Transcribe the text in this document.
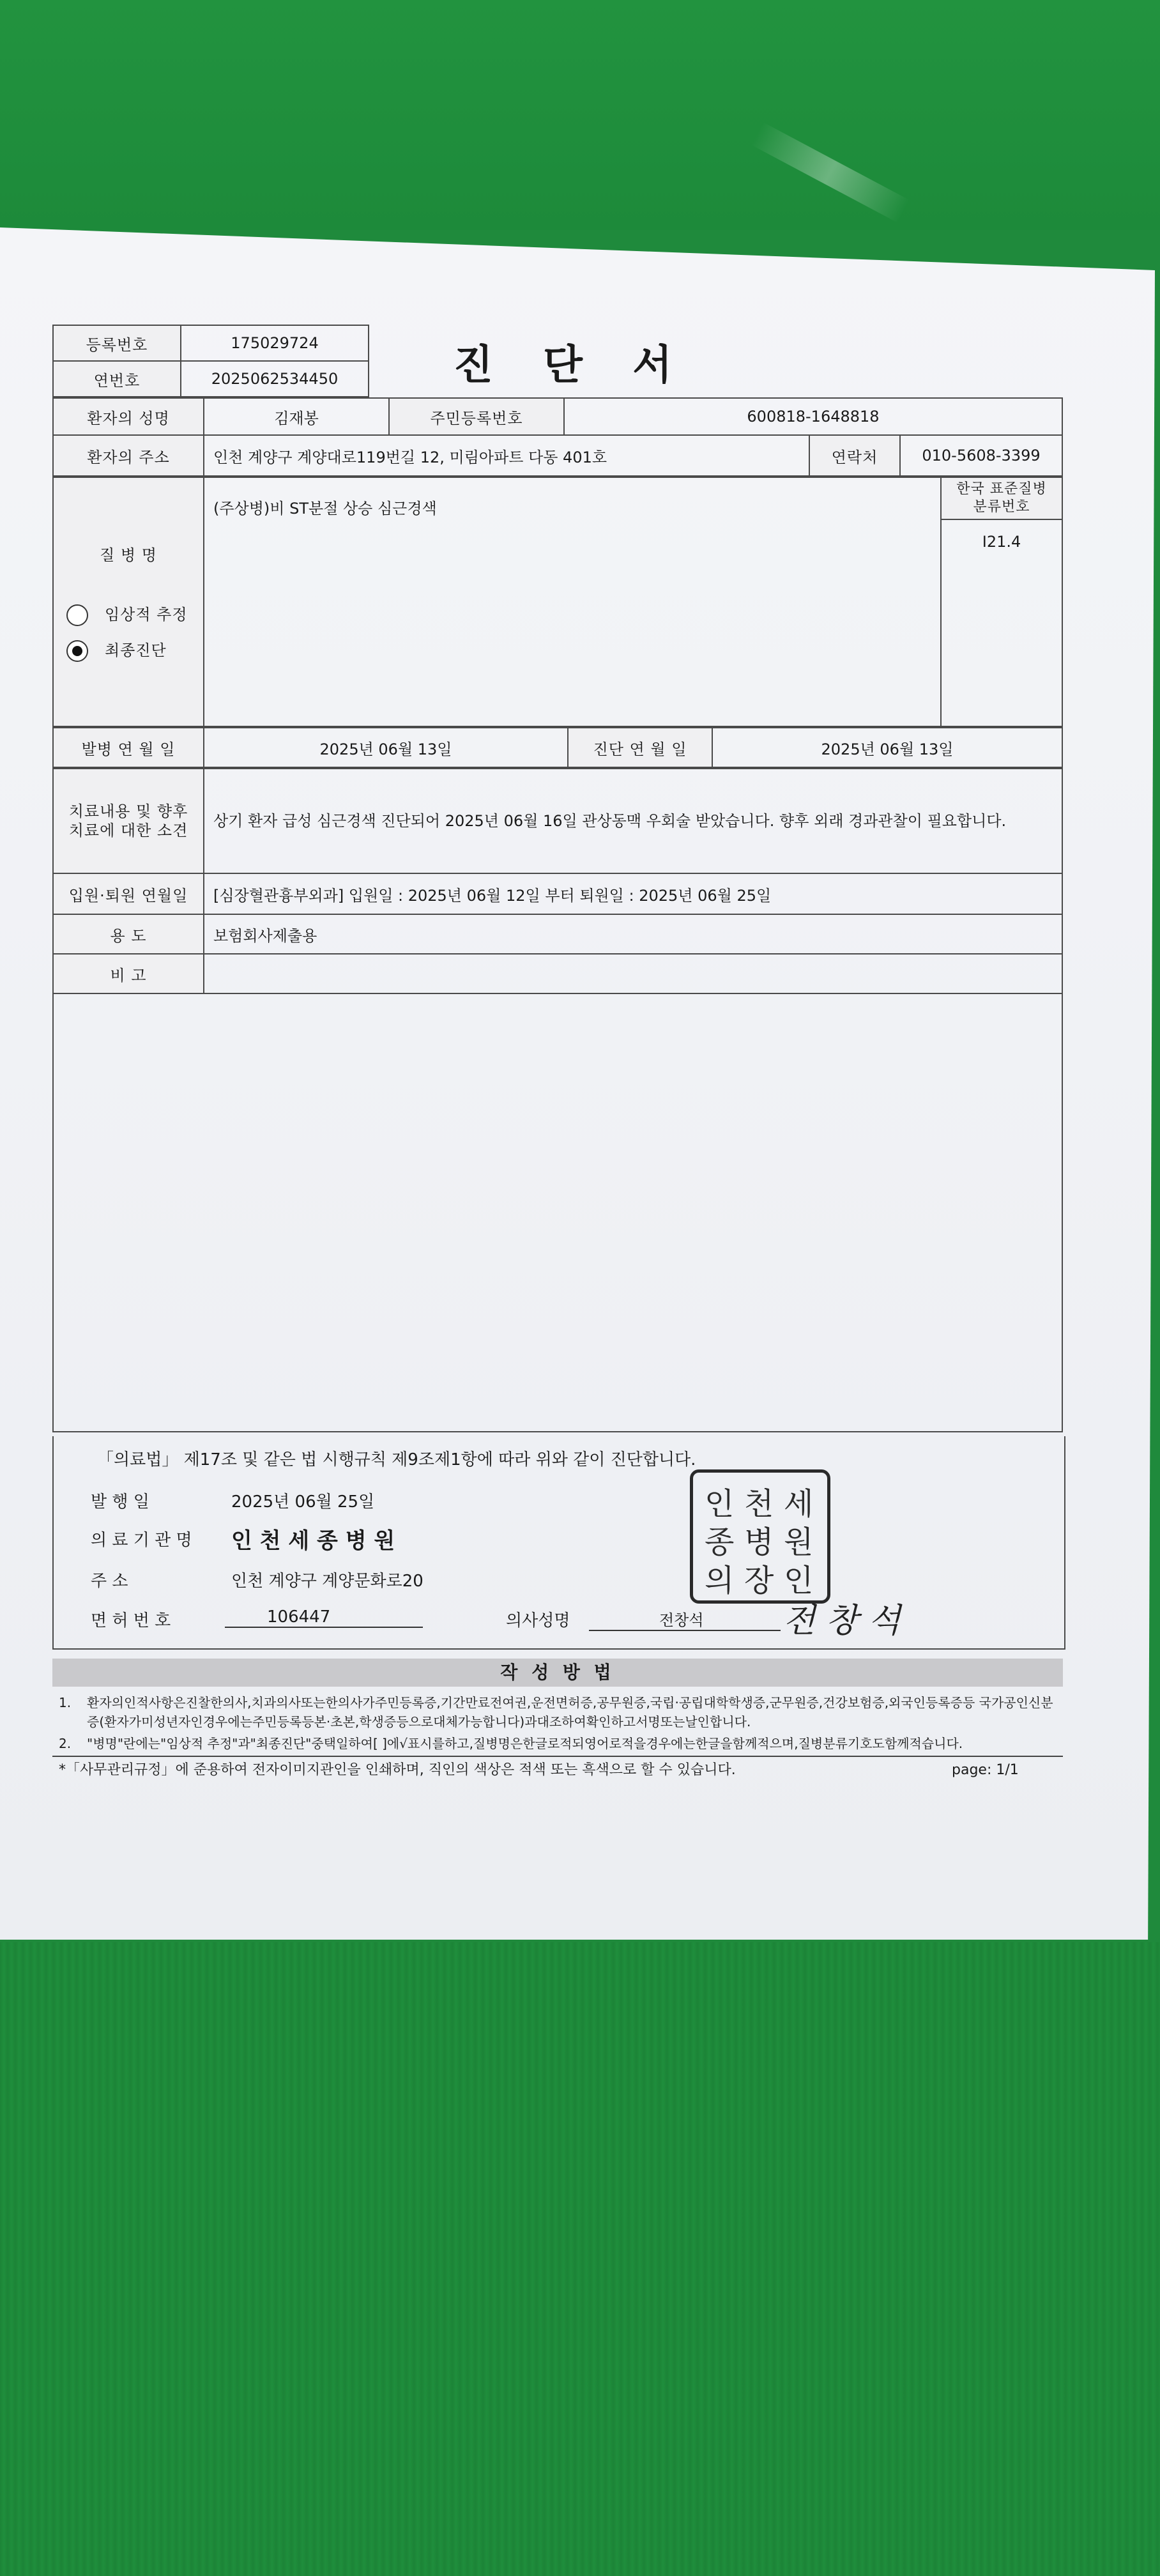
진 단 서
등록번호	175029724
연번호	2025062534450
환자의 성명	김재봉	주민등록번호	600818-1648818		
환자의 주소	인천 계양구 계양대로119번길 12, 미림아파트 다동 401호			연락처	010-5608-3399
질 병 명
임상적 추정
최종진단
	(주상병)비 ST분절 상승 심근경색	한국 표준질병 분류번호
I21.4
발병 연 월 일	2025년 06월 13일	진단 연 월 일	2025년 06월 13일
치료내용 및 향후 치료에 대한 소견	상기 환자 급성 심근경색 진단되어 2025년 06월 16일 관상동맥 우회술 받았습니다. 향후 외래 경과관찰이 필요합니다.
입원·퇴원 연월일	[심장혈관흉부외과] 입원일 : 2025년 06월 12일 부터 퇴원일 : 2025년 06월 25일
용 도	보험회사제출용
비 고	

「의료법」 제17조 및 같은 법 시행규칙 제9조제1항에 따라 위와 같이 진단합니다.
발 행 일	2025년 06월 25일
의 료 기 관 명 인 천 세 종 병 원
주 소	인천 계양구 계양문화로20
면 허 번 호	106447	의사성명	전창석	전 창 석
인 천 세
종 병 원
의 장 인
작 성 방 법
1. 환자의인적사항은진찰한의사,치과의사또는한의사가주민등록증,기간만료전여권,운전면허증,공무원증,국립·공립대학학생증,군무원증,건강보험증,외국인등록증등 국가공인신분증(환자가미성년자인경우에는주민등록등본·초본,학생증등으로대체가능합니다)과대조하여확인하고서명또는날인합니다.
2. "병명"란에는"임상적 추정"과"최종진단"중택일하여[ ]에√표시를하고,질병명은한글로적되영어로적을경우에는한글을함께적으며,질병분류기호도함께적습니다.
*「사무관리규정」에 준용하여 전자이미지관인을 인쇄하며, 직인의 색상은 적색 또는 흑색으로 할 수 있습니다.	page: 1/1
